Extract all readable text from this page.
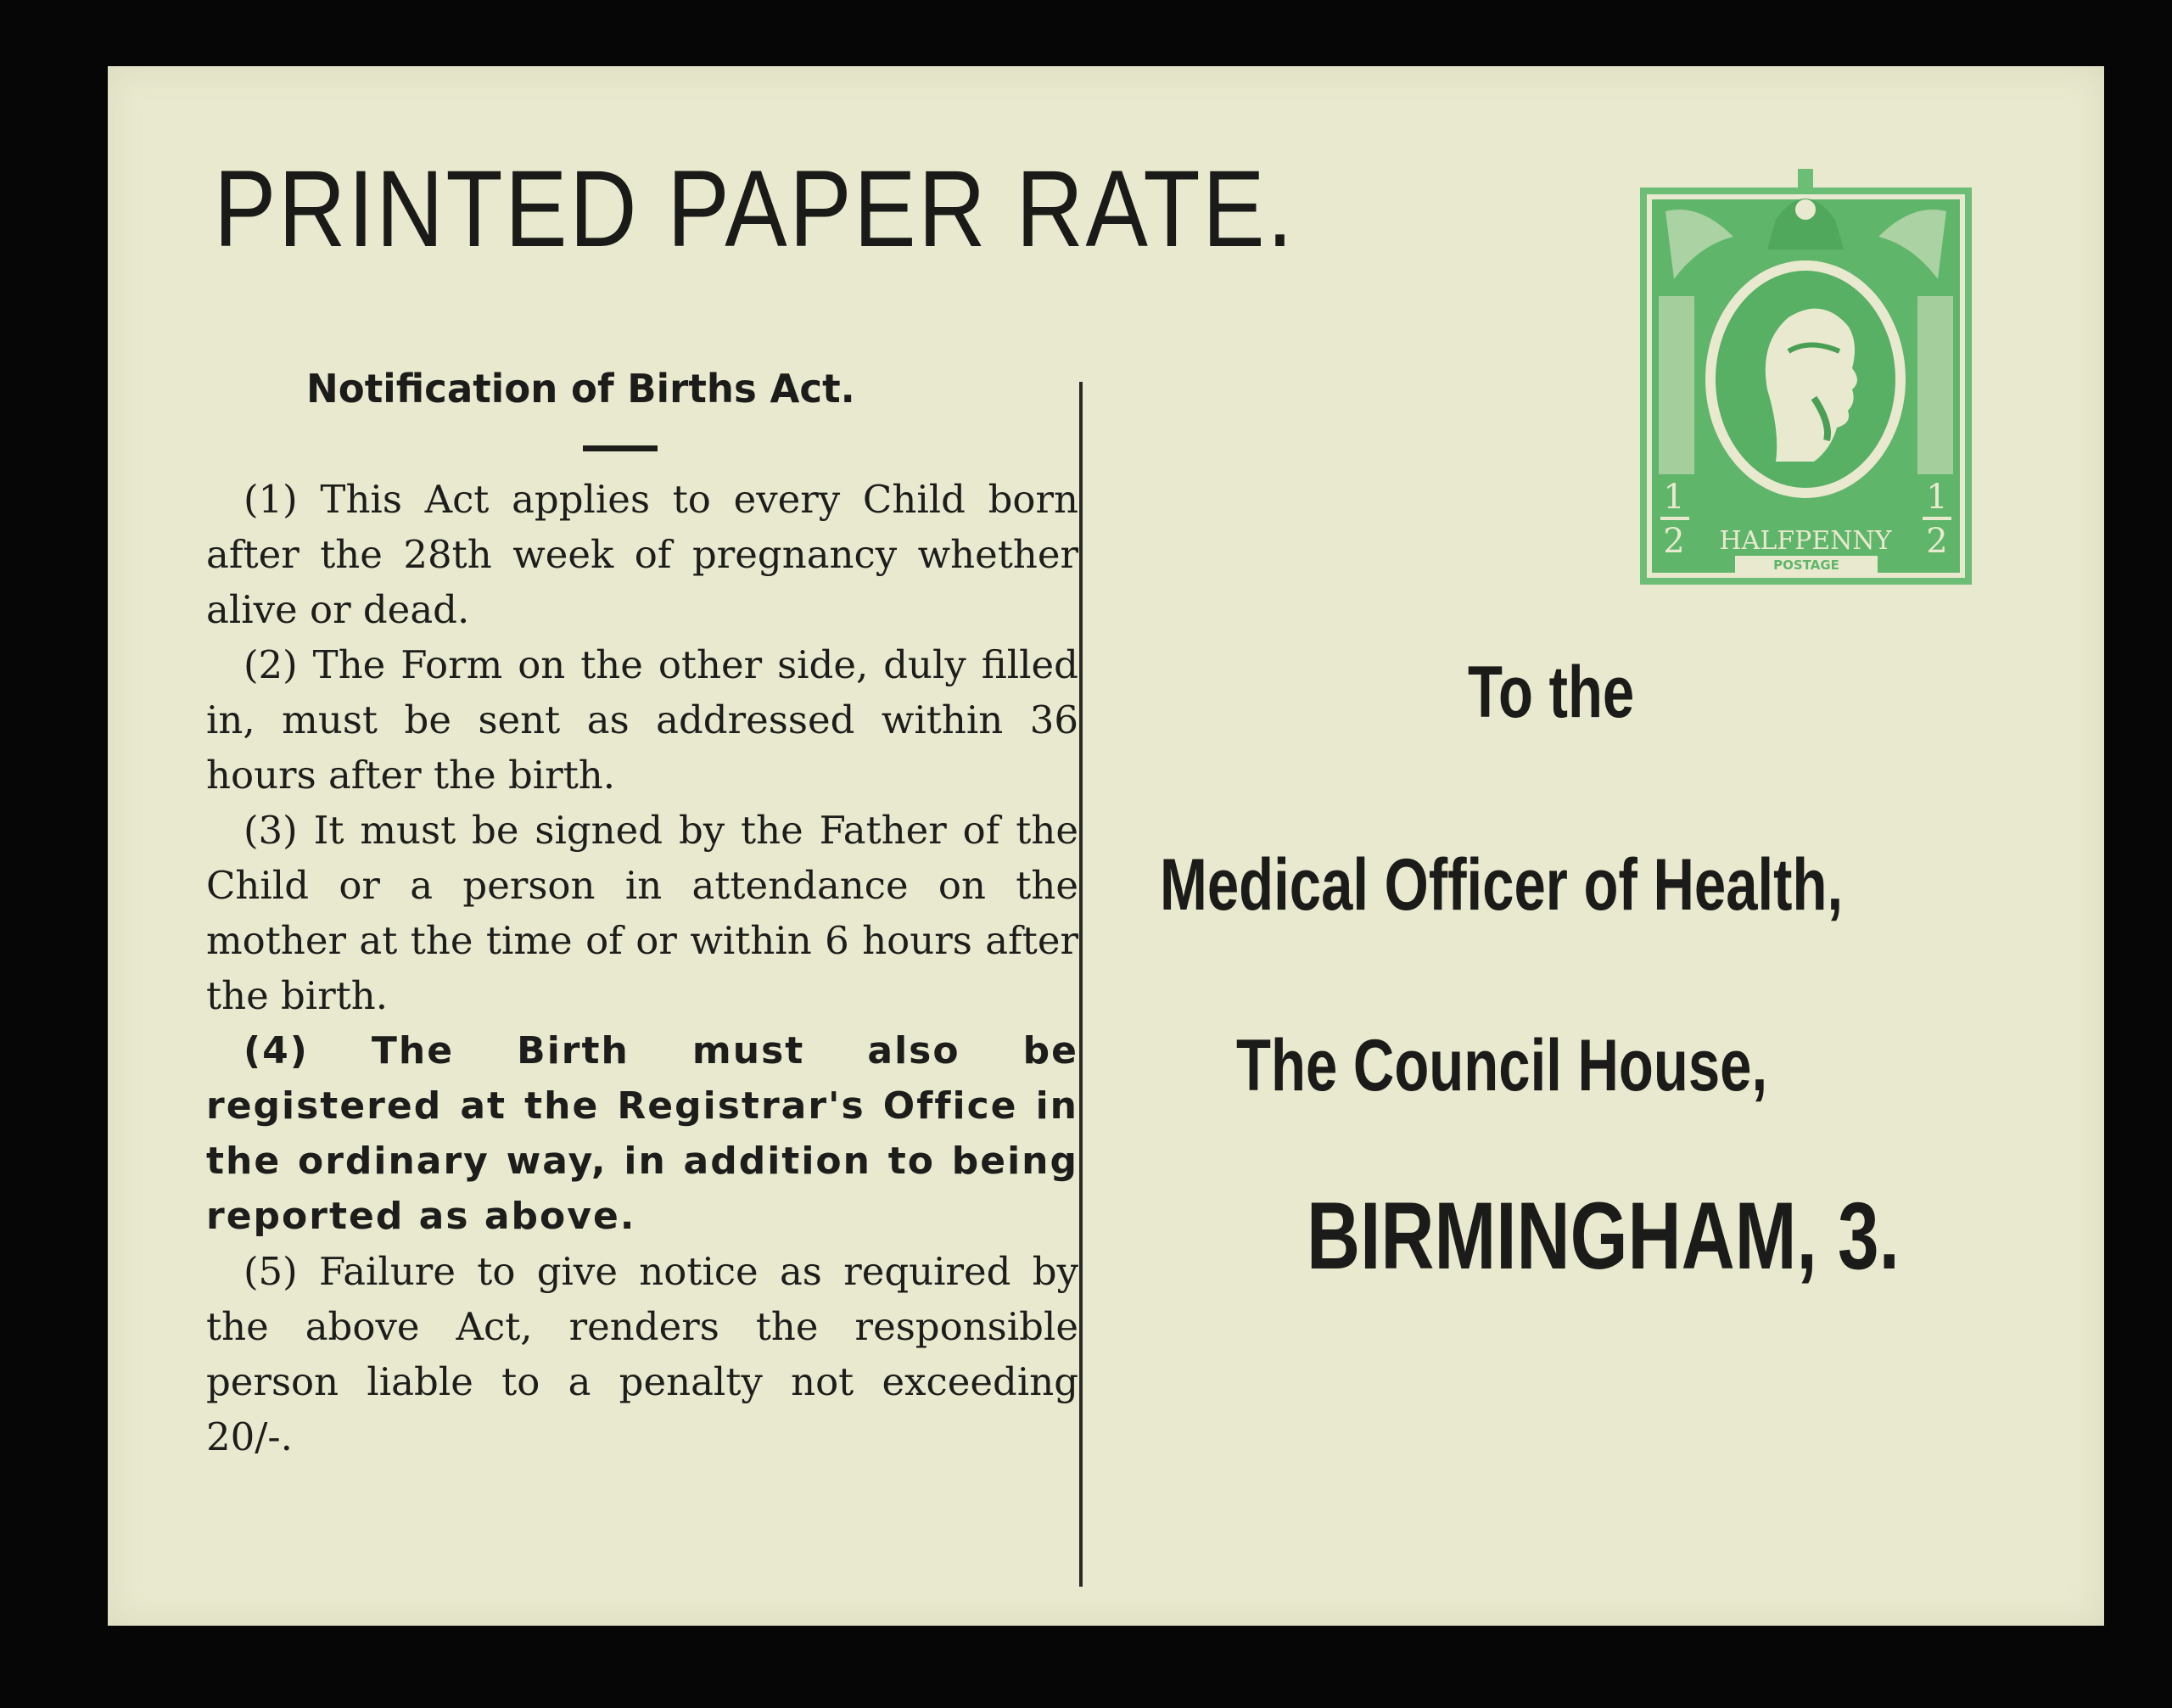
PRINTED PAPER RATE.
Notification of Births Act.

(1) This Act applies to every Child born after the 28th week of pregnancy whether alive or dead.

(2) The Form on the other side, duly filled in, must be sent as addressed within 36 hours after the birth.

(3) It must be signed by the Father of the Child or a person in attendance on the mother at the time of or within 6 hours after the birth.

(4) The Birth must also be registered at the Registrar's Office in the ordinary way, in addition to being reported as above.

(5) Failure to give notice as required by the above Act, renders the responsible person liable to a penalty not exceeding 20/-.

HALFPENNY
POSTAGE
1
2
1
2
To the
Medical Officer of Health,
The Council House,
BIRMINGHAM, 3.
